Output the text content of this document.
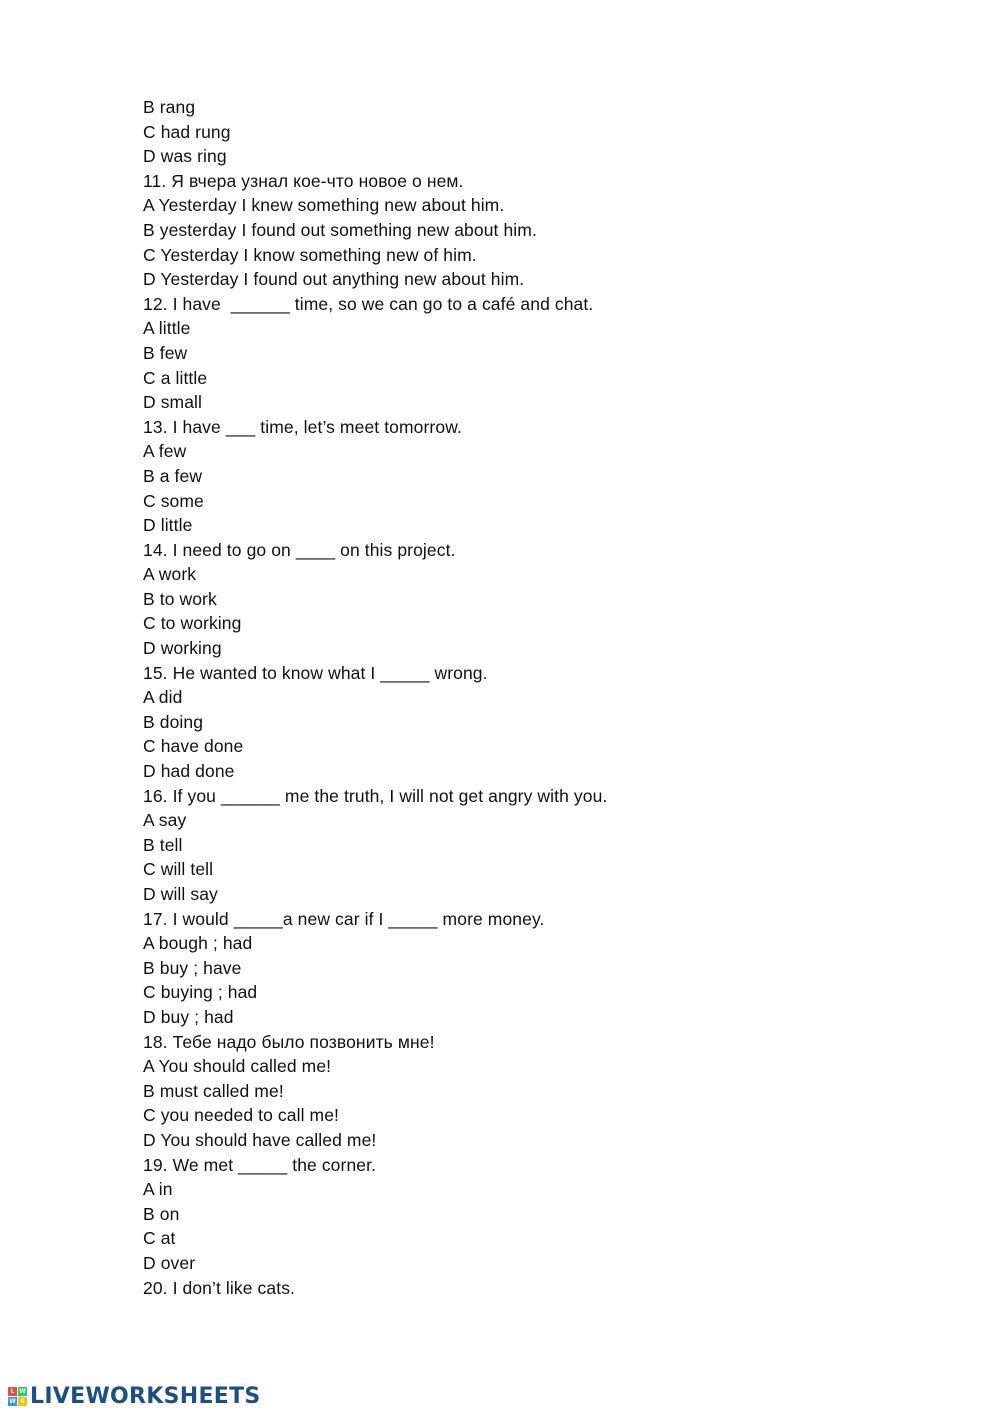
B rang
C had rung
D was ring
11. Я вчера узнал кое-что новое о нем.
A Yesterday I knew something new about him.
B yesterday I found out something new about him.
C Yesterday I know something new of him.
D Yesterday I found out anything new about him.
12. I have  ______ time, so we can go to a café and chat.
A little
B few
C a little
D small
13. I have ___ time, let’s meet tomorrow.
A few
B a few
C some
D little
14. I need to go on ____ on this project.
A work
B to work
C to working
D working
15. He wanted to know what I _____ wrong.
A did
B doing
C have done
D had done
16. If you ______ me the truth, I will not get angry with you.
A say
B tell
C will tell
D will say
17. I would _____a new car if I _____ more money.
A bough ; had
B buy ; have
C buying ; had
D buy ; had
18. Тебе надо было позвонить мне!
A You should called me!
B must called me!
C you needed to call me!
D You should have called me!
19. We met _____ the corner.
A in
B on
C at
D over
20. I don’t like cats.
L W
W S LIVEWORKSHEETS
